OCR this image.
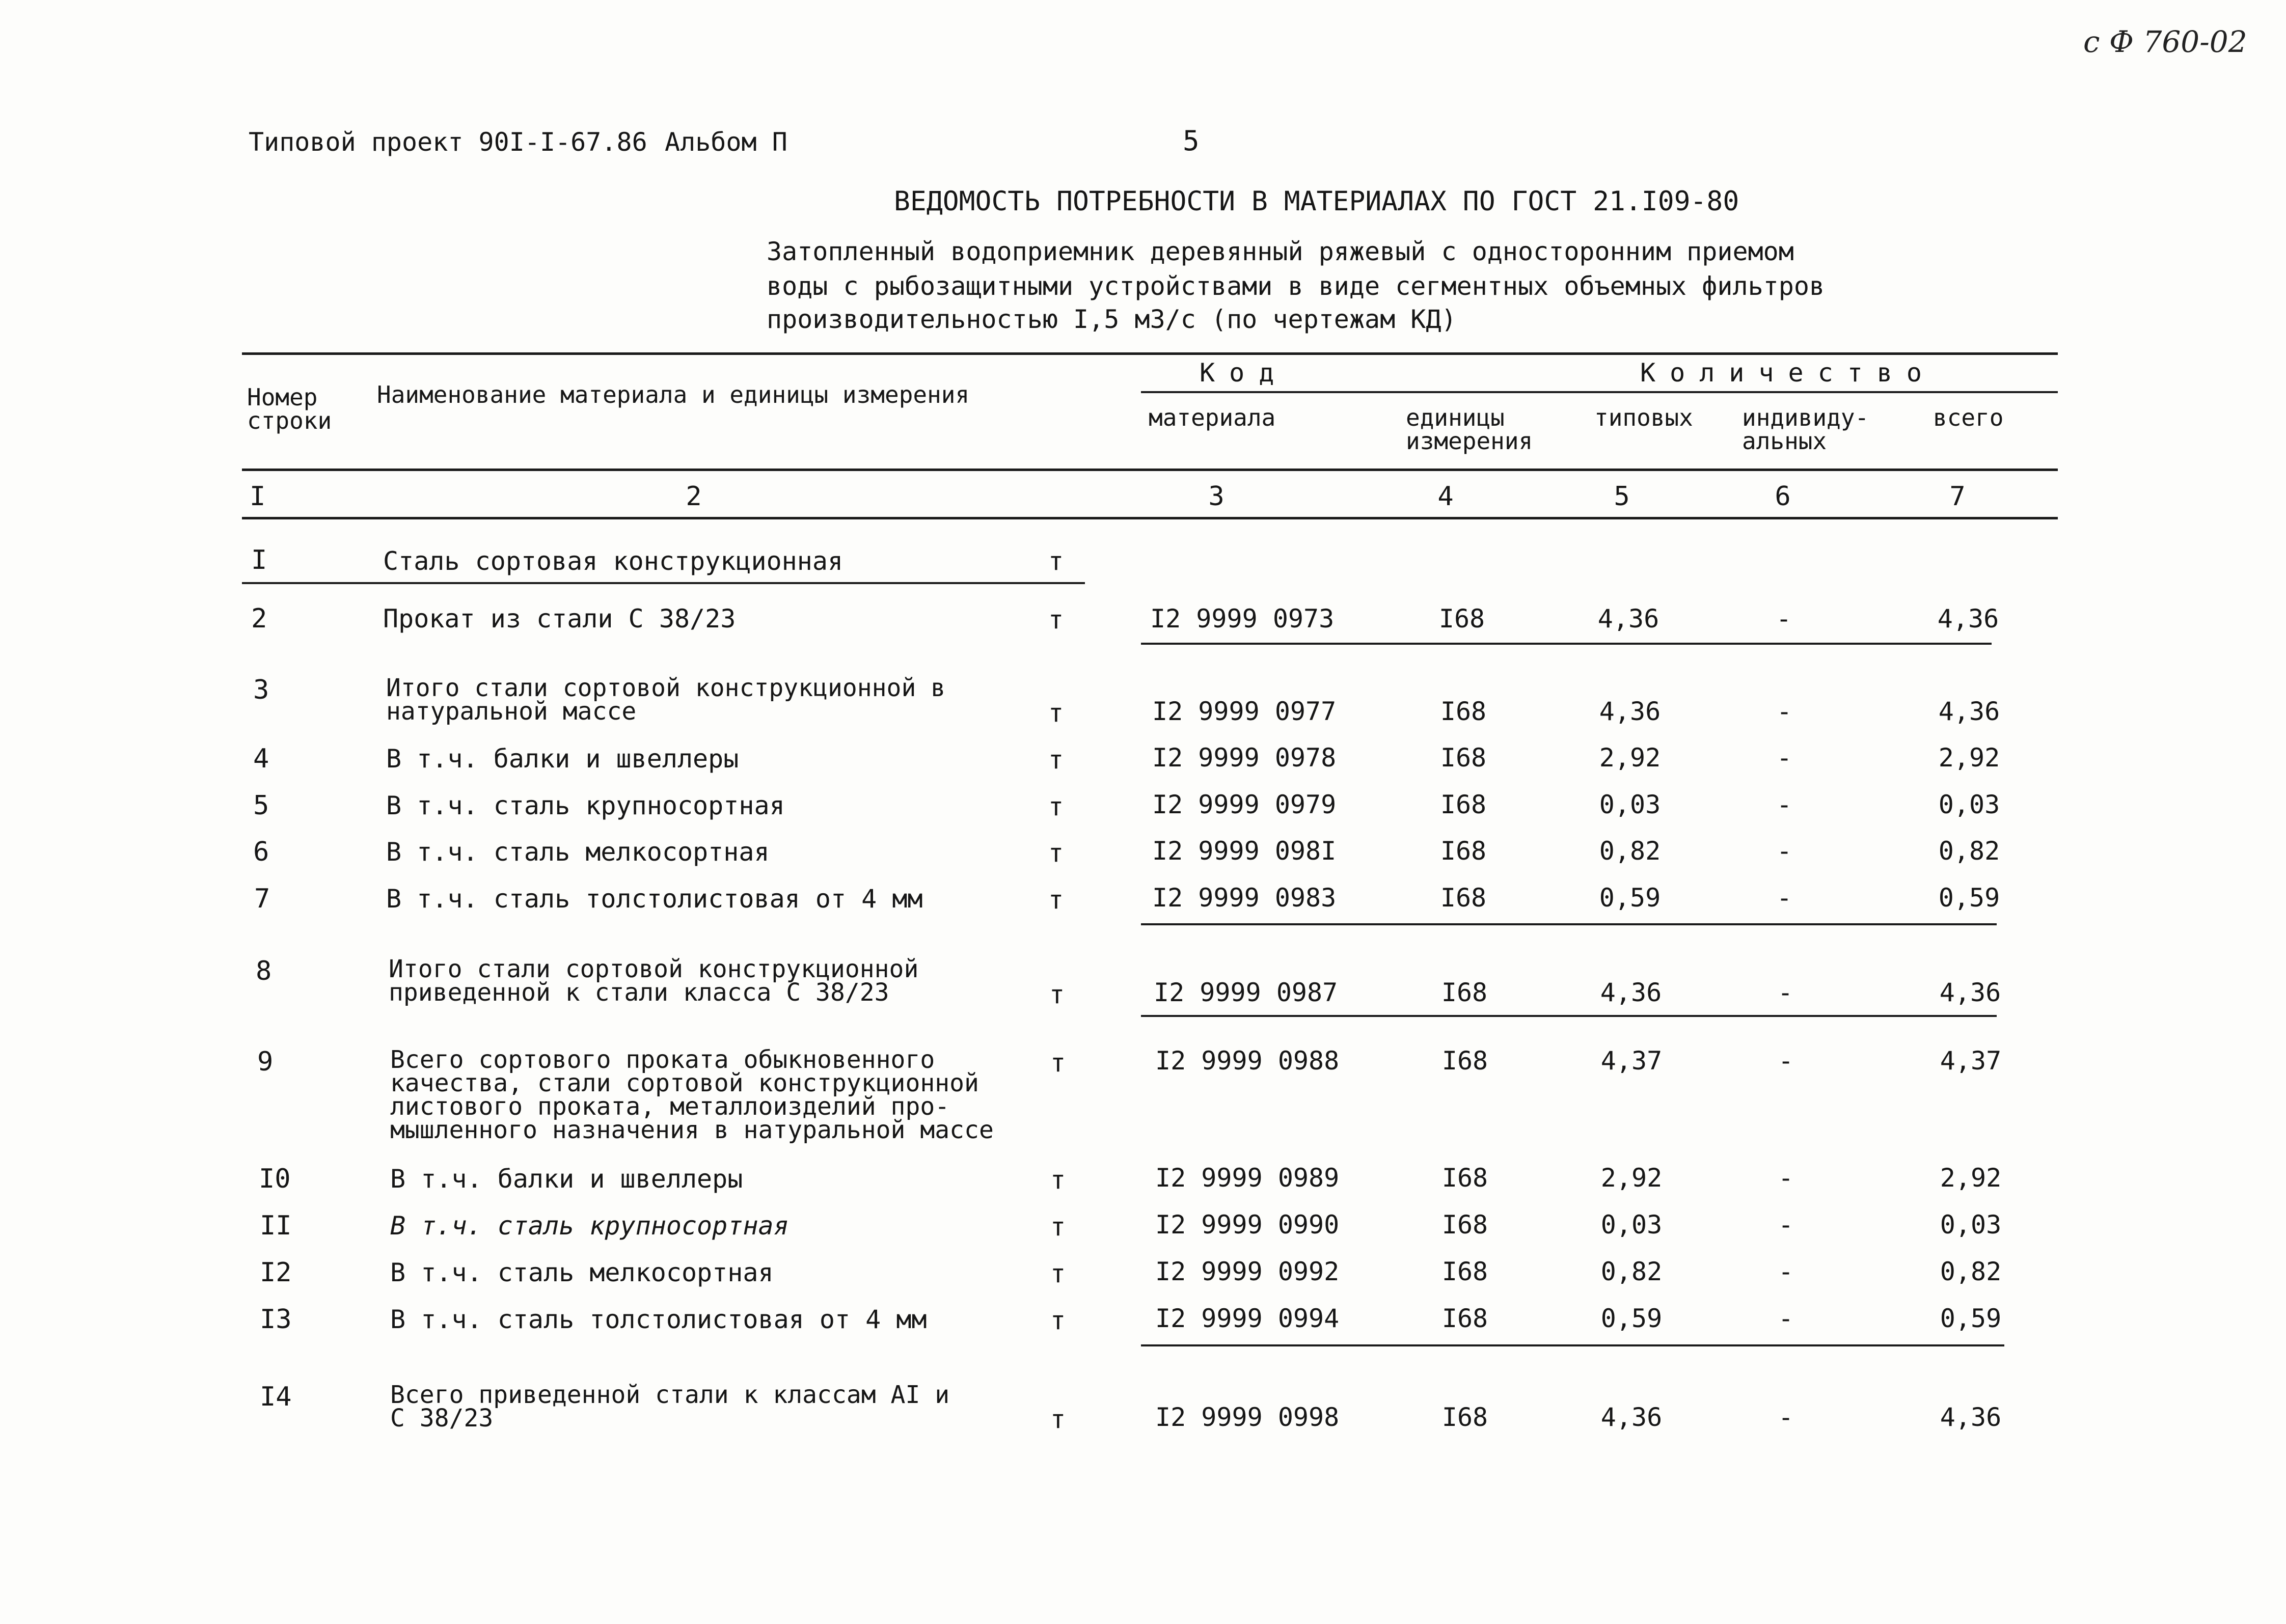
с Ф 760-02
Типовой проект 90I-I-67.86 Альбом П	5
ВЕДОМОСТЬ ПОТРЕБНОСТИ В МАТЕРИАЛАХ ПО ГОСТ 21.I09-80
Затопленный водоприемник деревянный ряжевый с односторонним приемом
воды с рыбозащитными устройствами в виде сегментных объемных фильтров
производительностью I,5 м3/с (по чертежам КД)
Номер
строки
Наименование материала и единицы измерения
Код	Количество
материала	единицы
измерения
типовых индивиду-
альных
всего
I	2	3	4	5	6	7
I	Сталь сортовая конструкционная	т
2	Прокат из стали С 38/23	т	I2 9999 0973	I68	4,36	-	4,36
3	Итого стали сортовой конструкционной в
натуральной массе	т	I2 9999 0977	I68	4,36	-	4,36
4	В т.ч. балки и швеллеры	т	I2 9999 0978	I68	2,92	-	2,92
5	В т.ч. сталь крупносортная	т	I2 9999 0979	I68	0,03	-	0,03
6	В т.ч. сталь мелкосортная	т	I2 9999 098I	I68	0,82	-	0,82
7	В т.ч. сталь толстолистовая от 4 мм	т	I2 9999 0983	I68	0,59	-	0,59
8	Итого стали сортовой конструкционной
приведенной к стали класса С 38/23	т	I2 9999 0987	I68	4,36	-	4,36
9	Всего сортового проката обыкновенного
качества, стали сортовой конструкционной
листового проката, металлоизделий про-
мышленного назначения в натуральной массе
т	I2 9999 0988	I68	4,37	-	4,37
I0	В т.ч. балки и швеллеры	т	I2 9999 0989	I68	2,92	-	2,92
II	В т.ч. сталь крупносортная	т	I2 9999 0990	I68	0,03	-	0,03
I2	В т.ч. сталь мелкосортная	т	I2 9999 0992	I68	0,82	-	0,82
I3	В т.ч. сталь толстолистовая от 4 мм	т	I2 9999 0994	I68	0,59	-	0,59
I4	Всего приведенной стали к классам АI и
С 38/23	т	I2 9999 0998	I68	4,36	-	4,36
